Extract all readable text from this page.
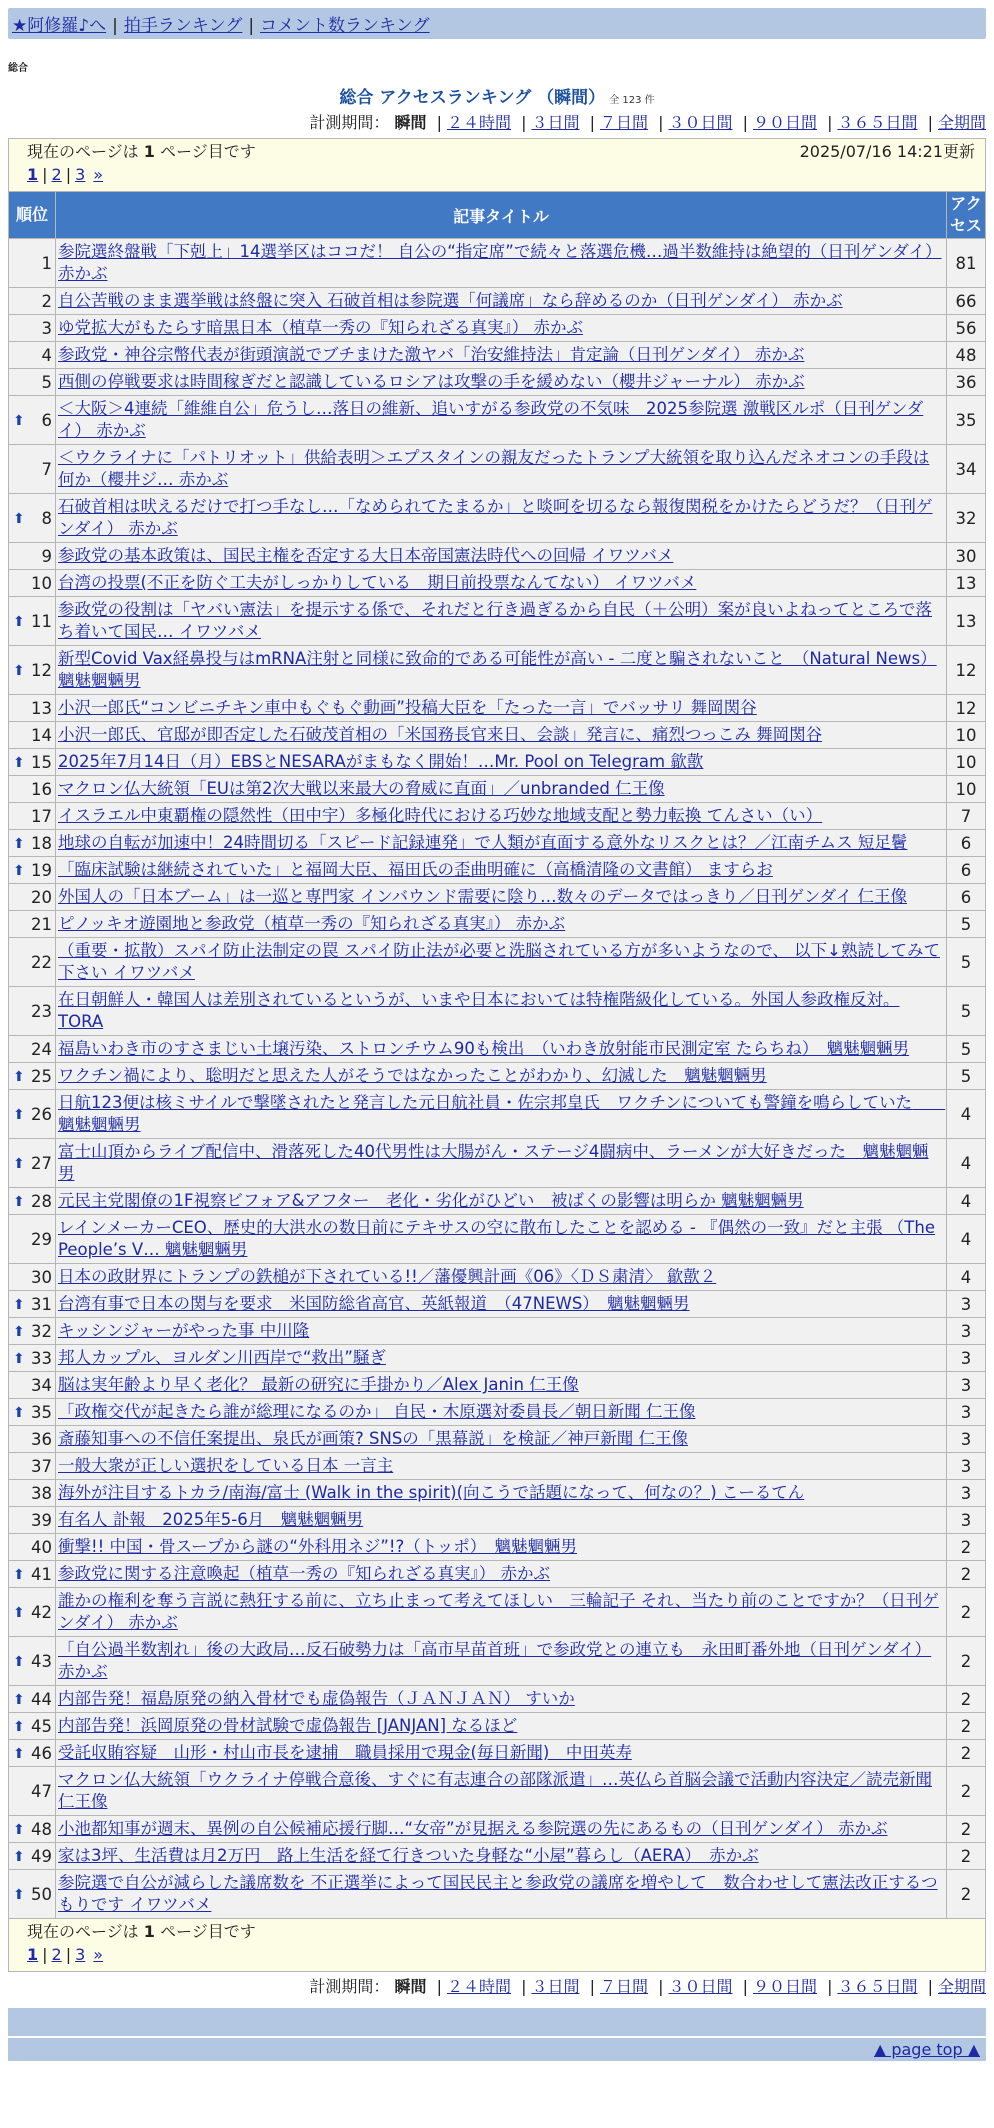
★阿修羅♪へ | 拍手ランキング | コメント数ランキング
総合
総合 アクセスランキング （瞬間） 全 123 件
計測期間： 瞬間 | ２４時間 | ３日間 | ７日間 | ３０日間 | ９０日間 | ３６５日間 | 全期間
現在のページは 1 ページ目です 2025/07/16 14:21更新
1 | 2 | 3 »		

順位	記事タイトル	アクセス
1	参院選終盤戦「下剋上」14選挙区はココだ！ 自公の“指定席”で続々と落選危機…過半数維持は絶望的（日刊ゲンダイ） 赤かぶ	81
2	自公苦戦のまま選挙戦は終盤に突入 石破首相は参院選「何議席」なら辞めるのか（日刊ゲンダイ） 赤かぶ	66
3	ゆ党拡大がもたらす暗黒日本（植草一秀の『知られざる真実』） 赤かぶ	56
4	参政党・神谷宗幣代表が街頭演説でブチまけた激ヤバ「治安維持法」肯定論（日刊ゲンダイ） 赤かぶ	48
5	西側の停戦要求は時間稼ぎだと認識しているロシアは攻撃の手を緩めない（櫻井ジャーナル） 赤かぶ	36

⬆ 6	＜大阪＞4連続「維維自公」危うし…落日の維新、追いすがる参政党の不気味　2025参院選 激戦区ルポ（日刊ゲンダイ） 赤かぶ	35
7	＜ウクライナに「パトリオット」供給表明＞エプスタインの親友だったトランプ大統領を取り込んだネオコンの手段は何か（櫻井ジ… 赤かぶ	34

⬆ 8	石破首相は吠えるだけで打つ手なし…「なめられてたまるか」と啖呵を切るなら報復関税をかけたらどうだ？（日刊ゲンダイ） 赤かぶ	32
9	参政党の基本政策は、国民主権を否定する大日本帝国憲法時代への回帰 イワツバメ	30
10	台湾の投票(不正を防ぐ工夫がしっかりしている　期日前投票なんてない） イワツバメ	13

⬆ 11	参政党の役割は「ヤバい憲法」を提示する係で、それだと行き過ぎるから自民（＋公明）案が良いよねってところで落ち着いて国民… イワツバメ	13

⬆ 12	新型Covid Vax経鼻投与はmRNA注射と同様に致命的である可能性が高い - 二度と騙されないこと　（Natural News） 魑魅魍魎男	12
13	小沢一郎氏“コンビニチキン車中もぐもぐ動画”投稿大臣を「たった一言」でバッサリ 舞岡関谷	12
14	小沢一郎氏、官邸が即否定した石破茂首相の「米国務長官来日、会談」発言に、痛烈つっこみ 舞岡関谷	10

⬆ 15	2025年7月14日（月）EBSとNESARAがまもなく開始！…Mr. Pool on Telegram 歙歖	10
16	マクロン仏大統領「EUは第2次大戦以来最大の脅威に直面」／unbranded 仁王像	10
17	イスラエル中東覇権の隠然性（田中宇）多極化時代における巧妙な地域支配と勢力転換 てんさい（い）	7

⬆ 18	地球の自転が加速中！24時間切る「スピード記録連発」で人類が直面する意外なリスクとは？／江南チムス 短足鬢	6

⬆ 19	「臨床試験は継続されていた」と福岡大臣、福田氏の歪曲明確に（高橋清隆の文書館） ますらお	6
20	外国人の「日本ブーム」は一巡と専門家 インバウンド需要に陰り…数々のデータではっきり／日刊ゲンダイ 仁王像	6
21	ピノッキオ遊園地と参政党（植草一秀の『知られざる真実』） 赤かぶ	5
22	（重要・拡散）スパイ防止法制定の罠 スパイ防止法が必要と洗脳されている方が多いようなので、 以下↓熟読してみて下さい イワツバメ	5
23	在日朝鮮人・韓国人は差別されているというが、いまや日本においては特権階級化している。外国人参政権反対。 TORA	5
24	福島いわき市のすさまじい土壌汚染、ストロンチウム90も検出　（いわき放射能市民測定室 たらちね）　魑魅魍魎男	5

⬆ 25	ワクチン禍により、聡明だと思えた人がそうではなかったことがわかり、幻滅した　魑魅魍魎男	5

⬆ 26	日航123便は核ミサイルで撃墜されたと発言した元日航社員・佐宗邦皇氏　ワクチンについても警鐘を鳴らしていた　　魑魅魍魎男	4

⬆ 27	富士山頂からライブ配信中、滑落死した40代男性は大腸がん・ステージ4闘病中、ラーメンが大好きだった　魑魅魍魎男	4

⬆ 28	元民主党閣僚の1F視察ビフォア&アフター　老化・劣化がひどい　被ばくの影響は明らか 魑魅魍魎男	4
29	レインメーカーCEO、歴史的大洪水の数日前にテキサスの空に散布したことを認める - 『偶然の一致』だと主張 （The People’s V… 魑魅魍魎男	4
30	日本の政財界にトランプの鉄槌が下されている!!／藩優興計画《06》〈ＤＳ粛清〉 歙歖２	4

⬆ 31	台湾有事で日本の関与を要求　米国防総省高官、英紙報道　（47NEWS）　魑魅魍魎男	3

⬆ 32	キッシンジャーがやった事 中川隆	3

⬆ 33	邦人カップル、ヨルダン川西岸で“救出”騒ぎ	3
34	脳は実年齢より早く老化？ 最新の研究に手掛かり／Alex Janin 仁王像	3

⬆ 35	「政権交代が起きたら誰が総理になるのか」 自民・木原選対委員長／朝日新聞 仁王像	3
36	斎藤知事への不信任案提出、泉氏が画策? SNSの「黒幕説」を検証／神戸新聞 仁王像	3
37	一般大衆が正しい選択をしている日本 一言主	3
38	海外が注目するトカラ/南海/富士 (Walk in the spirit)(向こうで話題になって、何なの？) こーるてん	3
39	有名人 訃報　2025年5-6月　魑魅魍魎男	3
40	衝撃!! 中国・骨スープから謎の“外科用ネジ”!?（トッポ）　魑魅魍魎男	2

⬆ 41	参政党に関する注意喚起（植草一秀の『知られざる真実』） 赤かぶ	2

⬆ 42	誰かの権利を奪う言説に熱狂する前に、立ち止まって考えてほしい　三輪記子 それ、当たり前のことですか？（日刊ゲンダイ） 赤かぶ	2

⬆ 43	「自公過半数割れ」後の大政局…反石破勢力は「高市早苗首班」で参政党との連立も　永田町番外地（日刊ゲンダイ） 赤かぶ	2

⬆ 44	内部告発！福島原発の納入骨材でも虚偽報告（ＪＡＮＪＡＮ） すいか	2

⬆ 45	内部告発！浜岡原発の骨材試験で虚偽報告 [JANJAN] なるほど	2

⬆ 46	受託収賄容疑　山形・村山市長を逮捕　職員採用で現金(毎日新聞)　中田英寿	2
47	マクロン仏大統領「ウクライナ停戦合意後、すぐに有志連合の部隊派遣」…英仏ら首脳会議で活動内容決定／読売新聞 仁王像	2

⬆ 48	小池都知事が週末、異例の自公候補応援行脚…“女帝”が見据える参院選の先にあるもの（日刊ゲンダイ） 赤かぶ	2

⬆ 49	家は3坪、生活費は月2万円　路上生活を経て行きついた身軽な“小屋”暮らし（AERA）　赤かぶ	2

⬆ 50	参院選で自公が減らした議席数を 不正選挙によって国民民主と参政党の議席を増やして　数合わせして憲法改正するつもりです イワツバメ	2

現在のページは 1 ページ目です
1 | 2 | 3 »		
計測期間： 瞬間 | ２４時間 | ３日間 | ７日間 | ３０日間 | ９０日間 | ３６５日間 | 全期間
▲ page top ▲
